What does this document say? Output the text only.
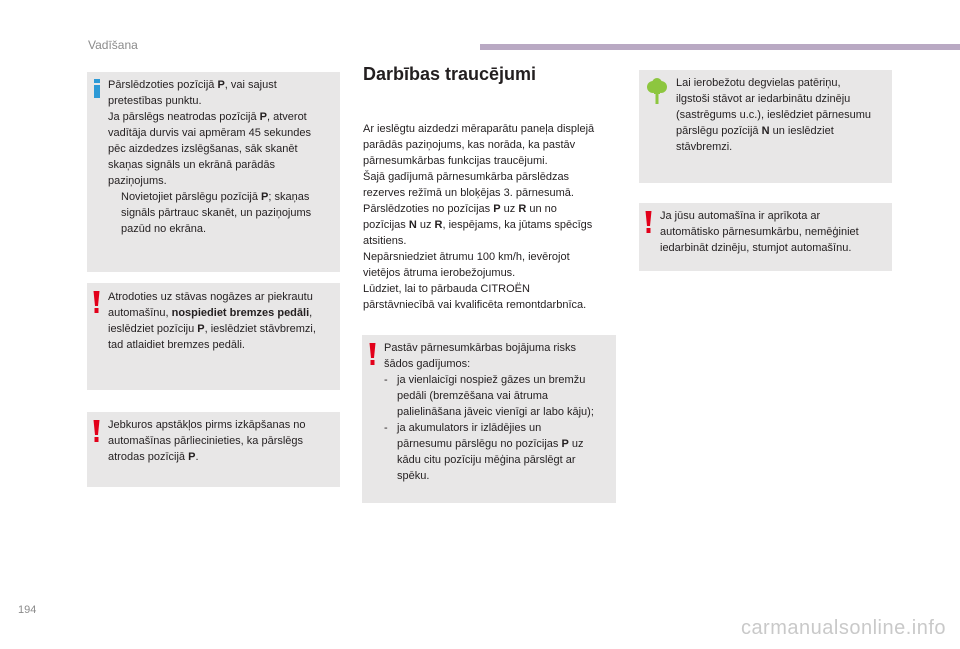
Vadīšana
Pārslēdzoties pozīcijā P, vai sajust
pretestības punktu.
Ja pārslēgs neatrodas pozīcijā P, atverot
vadītāja durvis vai apmēram 45 sekundes
pēc aizdedzes izslēgšanas, sāk skanēt
skaņas signāls un ekrānā parādās
paziņojums.
Novietojiet pārslēgu pozīcijā P; skaņas
signāls pārtrauc skanēt, un paziņojums
pazūd no ekrāna.
Atrodoties uz stāvas nogāzes ar piekrautu
automašīnu, nospiediet bremzes pedāli,
ieslēdziet pozīciju P, ieslēdziet stāvbremzi,
tad atlaidiet bremzes pedāli.
Jebkuros apstākļos pirms izkāpšanas no
automašīnas pārliecinieties, ka pārslēgs
atrodas pozīcijā P.
Darbības traucējumi
Ar ieslēgtu aizdedzi mēraparātu paneļa displejā
parādās paziņojums, kas norāda, ka pastāv
pārnesumkārbas funkcijas traucējumi.
Šajā gadījumā pārnesumkārba pārslēdzas
rezerves režīmā un bloķējas 3. pārnesumā.
Pārslēdzoties no pozīcijas P uz R un no
pozīcijas N uz R, iespējams, ka jūtams spēcīgs
atsitiens.
Nepārsniedziet ātrumu 100 km/h, ievērojot
vietējos ātruma ierobežojumus.
Lūdziet, lai to pārbauda CITROËN
pārstāvniecībā vai kvalificēta remontdarbnīca.
Pastāv pārnesumkārbas bojājuma risks
šādos gadījumos:
- ja vienlaicīgi nospiež gāzes un bremžu
pedāli (bremzēšana vai ātruma
palielināšana jāveic vienīgi ar labo kāju);
- ja akumulators ir izlādējies un
pārnesumu pārslēgu no pozīcijas P uz
kādu citu pozīciju mēģina pārslēgt ar
spēku.
Lai ierobežotu degvielas patēriņu,
ilgstoši stāvot ar iedarbinātu dzinēju
(sastrēgums u.c.), ieslēdziet pārnesumu
pārslēgu pozīcijā N un ieslēdziet
stāvbremzi.
Ja jūsu automašīna ir aprīkota ar
automātisko pārnesumkārbu, nemēģiniet
iedarbināt dzinēju, stumjot automašīnu.
194
carmanualsonline.info
